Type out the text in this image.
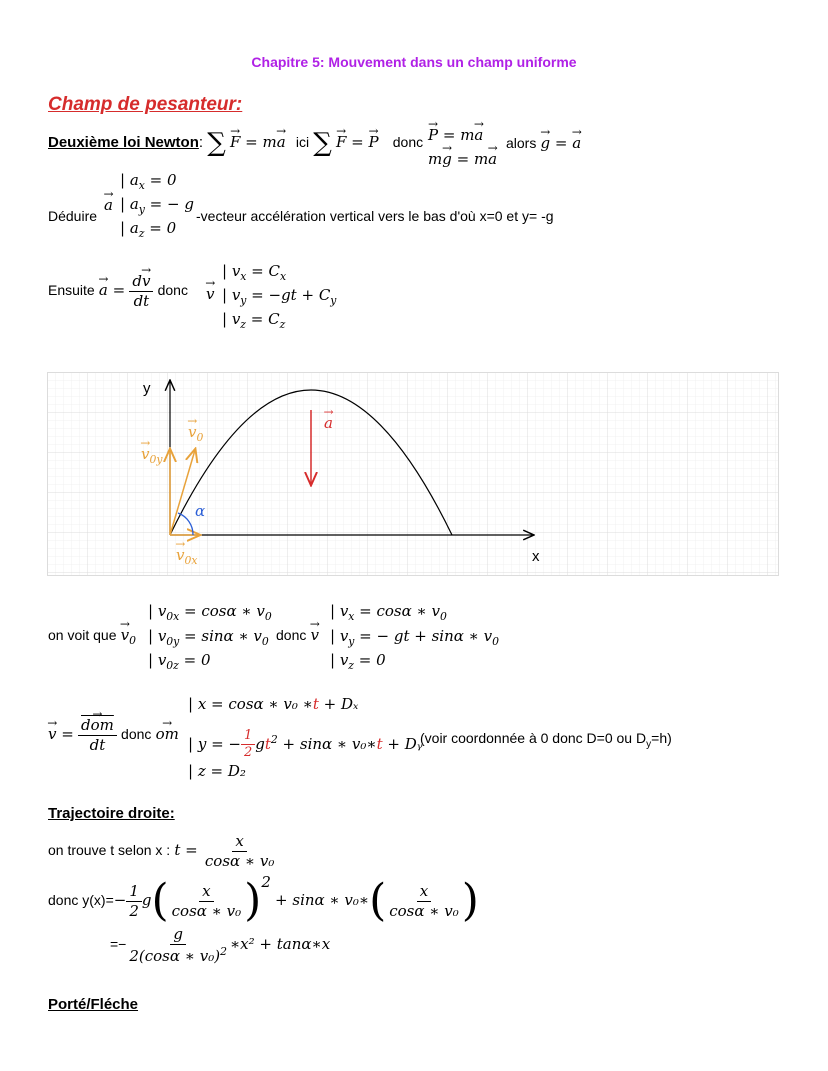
Chapitre 5: Mouvement dans un champ uniforme
Champ de pesanteur:
Deuxième loi Newton: ∑ → F = m→ a ici ∑ → F = → P donc → P = m→ a
m→ g = m→ a
alors → g = → a
Déduire
→ a
| $a_x = 0$
| $a_y$ = − g
| $a_z = 0$
-vecteur accélération vertical vers le bas d'où x=0 et y= -g
Ensuite → $a = \frac{d\to v}{dt}$ donc → v
| $v_x = C_x$
| $v_y = -gt + C_y$
| $v_z = C_z$
y
x
→ $v_0$
→ $v_{0y}$
→ $v_{0x}$
α
→ a
on voit que → $v_0$
| $v_{0x} = \cos\alpha$ ∗ $v_0$
| $v_{0y} = \sin\alpha$ ∗ $v_0$
| $v_{0z} = 0$
donc → v
| $v_x = \cos\alpha$ ∗ $v_0$
| $v_y$ = − gt + sinα ∗ $v_0$
| $v_z = 0$
→ v = → $\frac{\overline{dom}}{dt}$ donc → om
| x = cosα ∗ v₀ ∗t + Dₓ
| y = − $\frac{1}{2} gt^2 + \sin\alpha$ ∗ v₀∗t + Dᵧ
| z = D₂
(voir coordonnée à 0 donc D=0 ou $D_y=h$)
Trajectoire droite:
on trouve t selon x : $t = \frac{x}{\text{cosα ∗ v₀}}$
donc $y(x)=- \frac{1}{2} g( \frac{x}{\text{cosα ∗ v₀}} )^2 + \sin\alpha$ ∗ v₀∗( $\frac{x}{\text{cosα ∗ v₀}}$ )
=− $\frac{g}{2(\cos\alpha ∗ v_0)^2}$ ∗x² + tanα∗x
Porté/Fléche
